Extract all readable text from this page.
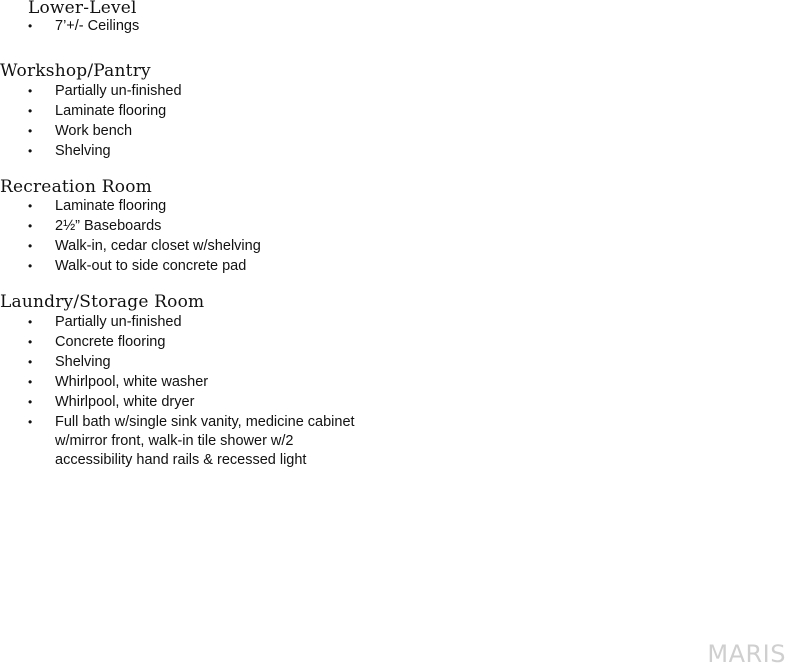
Lower-Level
•	7’+/- Ceilings
Workshop/Pantry
•	Partially un-finished
•	Laminate flooring
•	Work bench
•	Shelving
Recreation Room
•	Laminate flooring
•	2½” Baseboards
•	Walk-in, cedar closet w/shelving
•	Walk-out to side concrete pad
Laundry/Storage Room
•	Partially un-finished
•	Concrete flooring
•	Shelving
•	Whirlpool, white washer
•	Whirlpool, white dryer
•	Full bath w/single sink vanity, medicine cabinet
w/mirror front, walk-in tile shower w/2
accessibility hand rails & recessed light
MARIS
